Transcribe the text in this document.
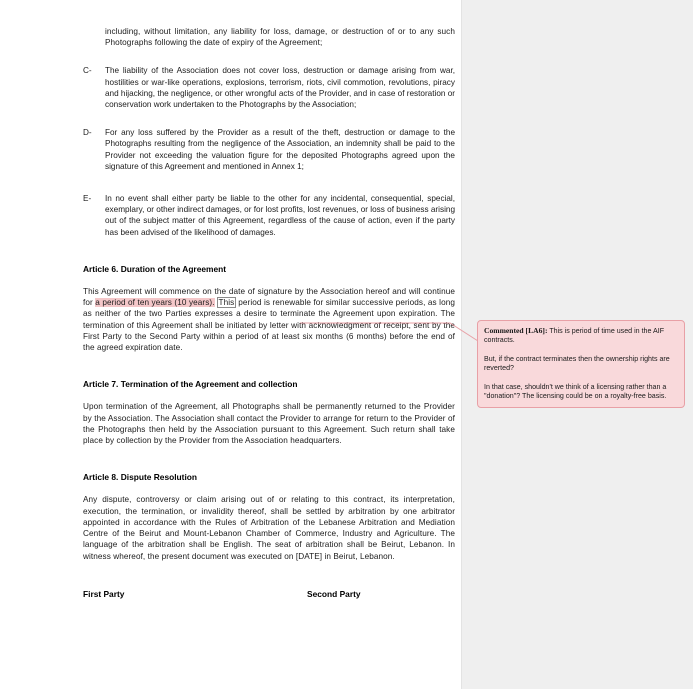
including, without limitation, any liability for loss, damage, or destruction of or to any such Photographs following the date of expiry of the Agreement;

C-	The liability of the Association does not cover loss, destruction or damage arising from war, hostilities or war-like operations, explosions, terrorism, riots, civil commotion, revolutions, piracy and hijacking, the negligence, or other wrongful acts of the Provider, and in case of restoration or conservation work undertaken to the Photographs by the Association;
D-	For any loss suffered by the Provider as a result of the theft, destruction or damage to the Photographs resulting from the negligence of the Association, an indemnity shall be paid to the Provider not exceeding the valuation figure for the deposited Photographs agreed upon the signature of this Agreement and mentioned in Annex 1;
E-	In no event shall either party be liable to the other for any incidental, consequential, special, exemplary, or other indirect damages, or for lost profits, lost revenues, or loss of business arising out of the subject matter of this Agreement, regardless of the cause of action, even if the party has been advised of the likelihood of damages.

Article 6. Duration of the Agreement

This Agreement will commence on the date of signature by the Association hereof and will continue for a period of ten years (10 years). This period is renewable for similar successive periods, as long as neither of the two Parties expresses a desire to terminate the Agreement upon expiration. The termination of this Agreement shall be initiated by letter with acknowledgment of receipt, sent by the First Party to the Second Party within a period of at least six months (6 months) before the end of the agreed expiration date.

Article 7. Termination of the Agreement and collection

Upon termination of the Agreement, all Photographs shall be permanently returned to the Provider by the Association. The Association shall contact the Provider to arrange for return to the Provider of the Photographs then held by the Association pursuant to this Agreement. Such return shall take place by collection by the Provider from the Association headquarters.

Article 8. Dispute Resolution

Any dispute, controversy or claim arising out of or relating to this contract, its interpretation, execution, the termination, or invalidity thereof, shall be settled by arbitration by one arbitrator appointed in accordance with the Rules of Arbitration of the Lebanese Arbitration and Mediation Centre of the Beirut and Mount-Lebanon Chamber of Commerce, Industry and Agriculture. The language of the arbitration shall be English. The seat of arbitration shall be Beirut, Lebanon. In witness whereof, the present document was executed on [DATE] in Beirut, Lebanon.

First Party	Second Party

Commented [LA6]: This is period of time used in the AIF contracts.

But, if the contract terminates then the ownership rights are reverted?

In that case, shouldn't we think of a licensing rather than a "donation"? The licensing could be on a royalty-free basis.
